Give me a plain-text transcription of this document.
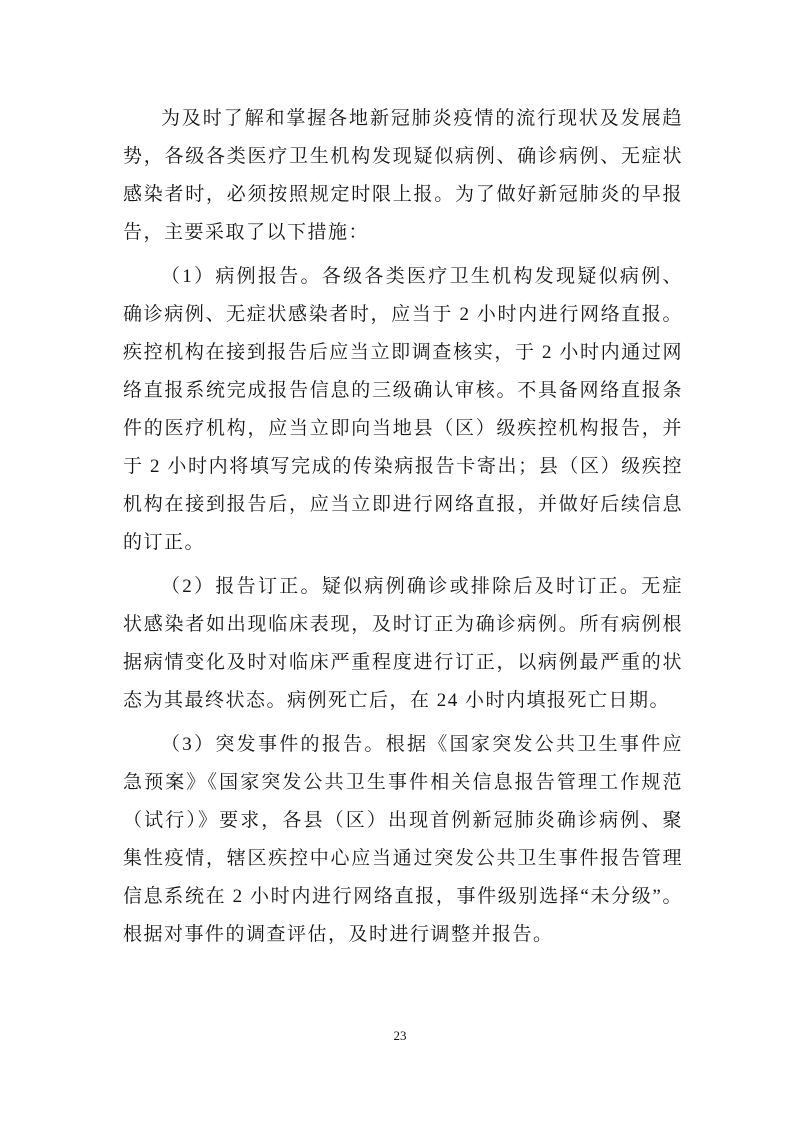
为及时了解和掌握各地新冠肺炎疫情的流行现状及发展趋势，各级各类医疗卫生机构发现疑似病例、确诊病例、无症状感染者时，必须按照规定时限上报。为了做好新冠肺炎的早报告，主要采取了以下措施：

（1）病例报告。各级各类医疗卫生机构发现疑似病例、确诊病例、无症状感染者时，应当于 2 小时内进行网络直报。疾控机构在接到报告后应当立即调查核实，于 2 小时内通过网络直报系统完成报告信息的三级确认审核。不具备网络直报条件的医疗机构，应当立即向当地县（区）级疾控机构报告，并于 2 小时内将填写完成的传染病报告卡寄出；县（区）级疾控机构在接到报告后，应当立即进行网络直报，并做好后续信息的订正。

（2）报告订正。疑似病例确诊或排除后及时订正。无症状感染者如出现临床表现，及时订正为确诊病例。所有病例根据病情变化及时对临床严重程度进行订正，以病例最严重的状态为其最终状态。病例死亡后，在 24 小时内填报死亡日期。

（3）突发事件的报告。根据《国家突发公共卫生事件应急预案》《国家突发公共卫生事件相关信息报告管理工作规范（试行）》要求，各县（区）出现首例新冠肺炎确诊病例、聚集性疫情，辖区疾控中心应当通过突发公共卫生事件报告管理信息系统在 2 小时内进行网络直报，事件级别选择“未分级”。根据对事件的调查评估，及时进行调整并报告。

23
